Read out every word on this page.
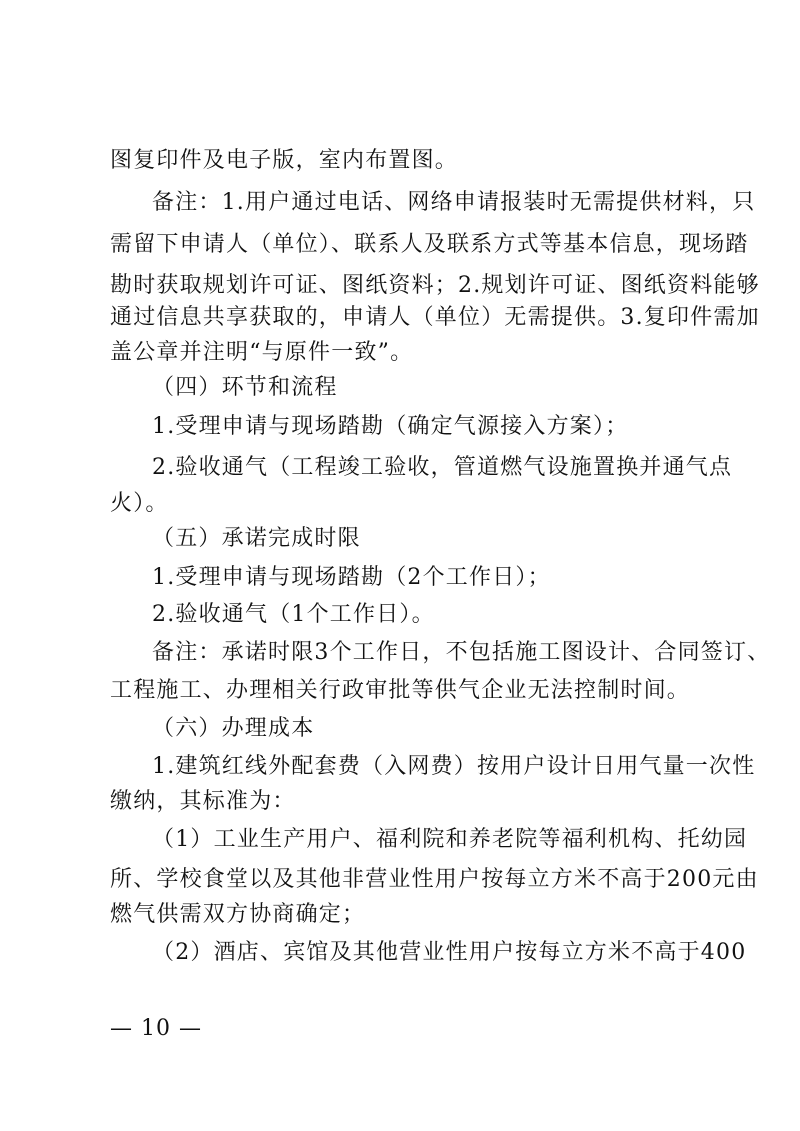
图复印件及电子版，室内布置图。
备注：1.用户通过电话、网络申请报装时无需提供材料，只
需留下申请人（单位）、联系人及联系方式等基本信息，现场踏
勘时获取规划许可证、图纸资料；2.规划许可证、图纸资料能够
通过信息共享获取的，申请人（单位）无需提供。3.复印件需加
盖公章并注明“与原件一致”。
（四）环节和流程
1.受理申请与现场踏勘（确定气源接入方案）；
2.验收通气（工程竣工验收，管道燃气设施置换并通气点
火）。
（五）承诺完成时限
1.受理申请与现场踏勘（2个工作日）；
2.验收通气（1个工作日）。
备注：承诺时限3个工作日，不包括施工图设计、合同签订、
工程施工、办理相关行政审批等供气企业无法控制时间。
（六）办理成本
1.建筑红线外配套费（入网费）按用户设计日用气量一次性
缴纳，其标准为：
（1）工业生产用户、福利院和养老院等福利机构、托幼园
所、学校食堂以及其他非营业性用户按每立方米不高于200元由
燃气供需双方协商确定；
（2）酒店、宾馆及其他营业性用户按每立方米不高于400
— 10 —
